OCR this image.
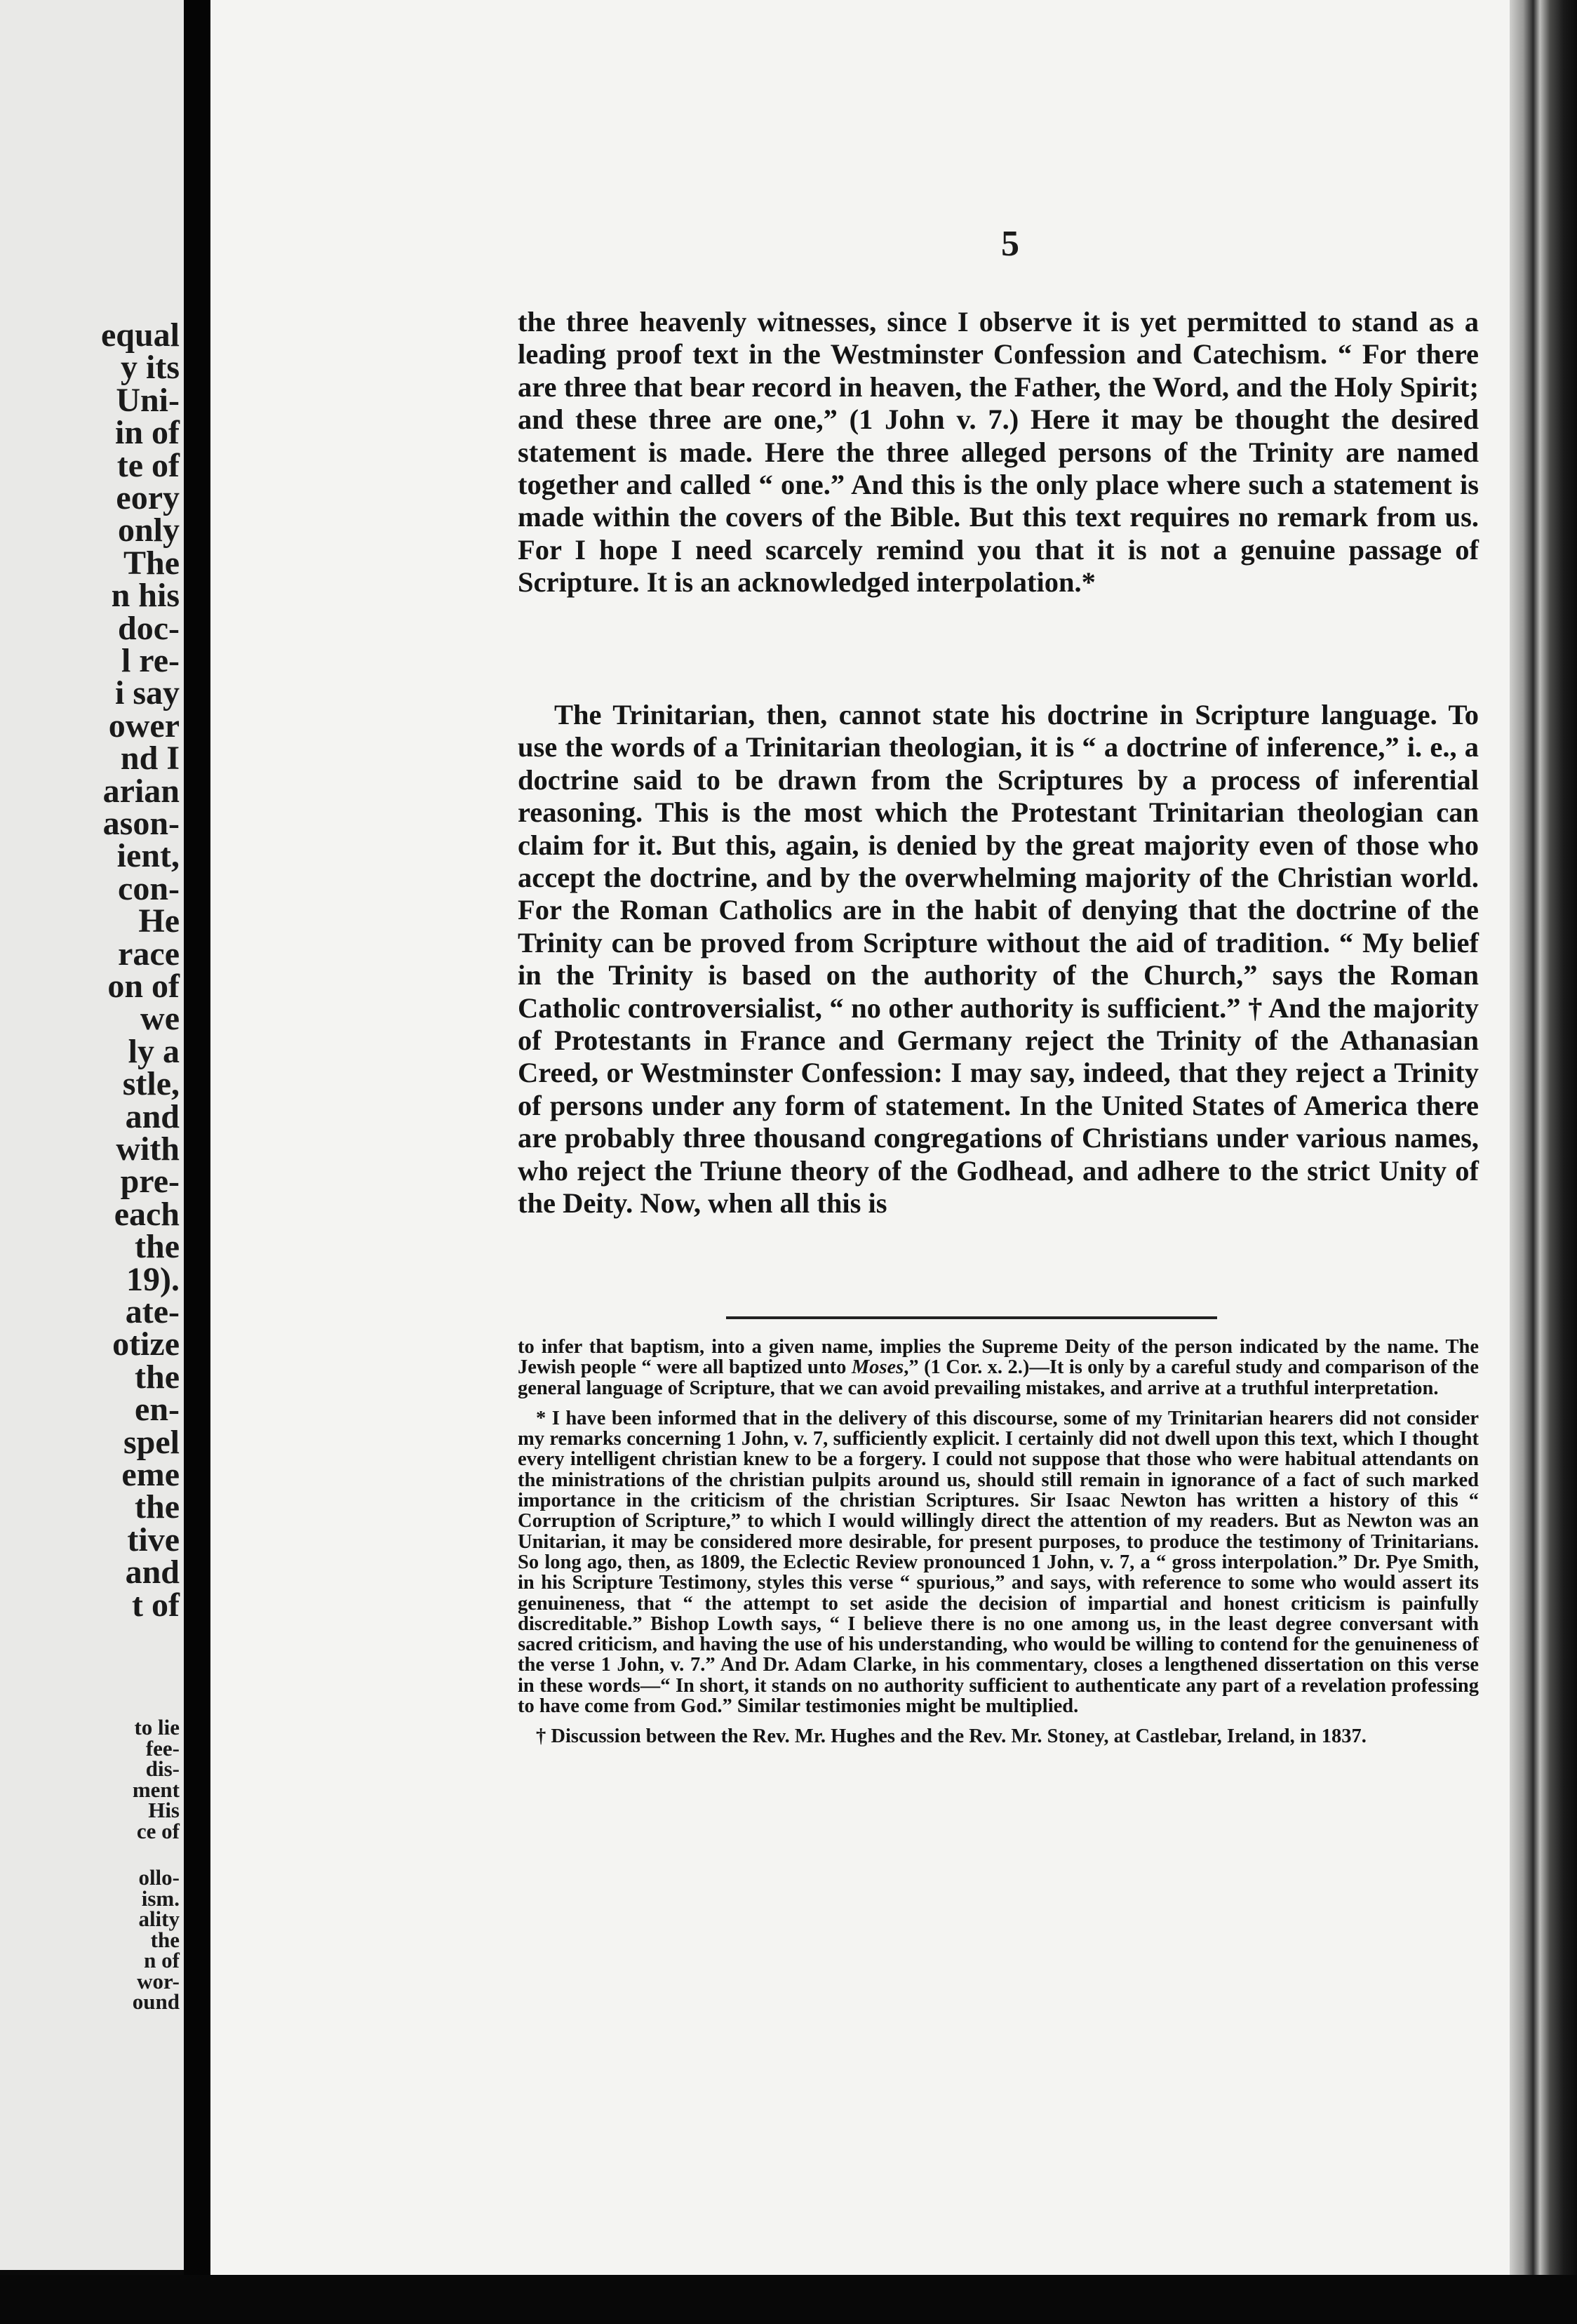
equal
y its
Uni-
in of
te of
eory
only
The
n his
doc-
l re-
i say
ower
nd I
arian
ason-
ient,
con-
He
race
on of
we
ly a
stle,
and
with
pre-
each
the
19).
ate-
otize
the
en-
spel
eme
the
tive
and
t of
to lie
fee-
dis-
ment
His
ce of
ollo-
ism.
ality
the
n of
wor-
ound
5

the three heavenly witnesses, since I observe it is yet permitted to stand as a leading proof text in the Westminster Confession and Catechism. “ For there are three that bear record in heaven, the Father, the Word, and the Holy Spirit; and these three are one,” (1 John v. 7.) Here it may be thought the desired statement is made. Here the three alleged persons of the Trinity are named together and called “ one.” And this is the only place where such a statement is made within the covers of the Bible. But this text requires no remark from us. For I hope I need scarcely remind you that it is not a genuine passage of Scripture. It is an acknowledged interpolation.*

The Trinitarian, then, cannot state his doctrine in Scripture language. To use the words of a Trinitarian theologian, it is “ a doctrine of inference,” i. e., a doctrine said to be drawn from the Scriptures by a process of inferential reasoning. This is the most which the Protestant Trinitarian theologian can claim for it. But this, again, is denied by the great majority even of those who accept the doctrine, and by the overwhelming majority of the Christian world. For the Roman Catholics are in the habit of denying that the doctrine of the Trinity can be proved from Scripture without the aid of tradition. “ My belief in the Trinity is based on the authority of the Church,” says the Roman Catholic controversialist, “ no other authority is sufficient.” † And the majority of Protestants in France and Germany reject the Trinity of the Athanasian Creed, or Westminster Confession: I may say, indeed, that they reject a Trinity of persons under any form of statement. In the United States of America there are probably three thousand congregations of Christians under various names, who reject the Triune theory of the Godhead, and adhere to the strict Unity of the Deity. Now, when all this is

to infer that baptism, into a given name, implies the Supreme Deity of the person indicated by the name. The Jewish people “ were all baptized unto Moses,” (1 Cor. x. 2.)—It is only by a careful study and comparison of the general language of Scripture, that we can avoid prevailing mistakes, and arrive at a truthful interpretation.

* I have been informed that in the delivery of this discourse, some of my Trinitarian hearers did not consider my remarks concerning 1 John, v. 7, sufficiently explicit. I certainly did not dwell upon this text, which I thought every intelligent christian knew to be a forgery. I could not suppose that those who were habitual attendants on the ministrations of the christian pulpits around us, should still remain in ignorance of a fact of such marked importance in the criticism of the christian Scriptures. Sir Isaac Newton has written a history of this “ Corruption of Scripture,” to which I would willingly direct the attention of my readers. But as Newton was an Unitarian, it may be considered more desirable, for present purposes, to produce the testimony of Trinitarians. So long ago, then, as 1809, the Eclectic Review pronounced 1 John, v. 7, a “ gross interpolation.” Dr. Pye Smith, in his Scripture Testimony, styles this verse “ spurious,” and says, with reference to some who would assert its genuineness, that “ the attempt to set aside the decision of impartial and honest criticism is painfully discreditable.” Bishop Lowth says, “ I believe there is no one among us, in the least degree conversant with sacred criticism, and having the use of his understanding, who would be willing to contend for the genuineness of the verse 1 John, v. 7.” And Dr. Adam Clarke, in his commentary, closes a lengthened dissertation on this verse in these words—“ In short, it stands on no authority sufficient to authenticate any part of a revelation professing to have come from God.” Similar testimonies might be multiplied.

† Discussion between the Rev. Mr. Hughes and the Rev. Mr. Stoney, at Castlebar, Ireland, in 1837.
